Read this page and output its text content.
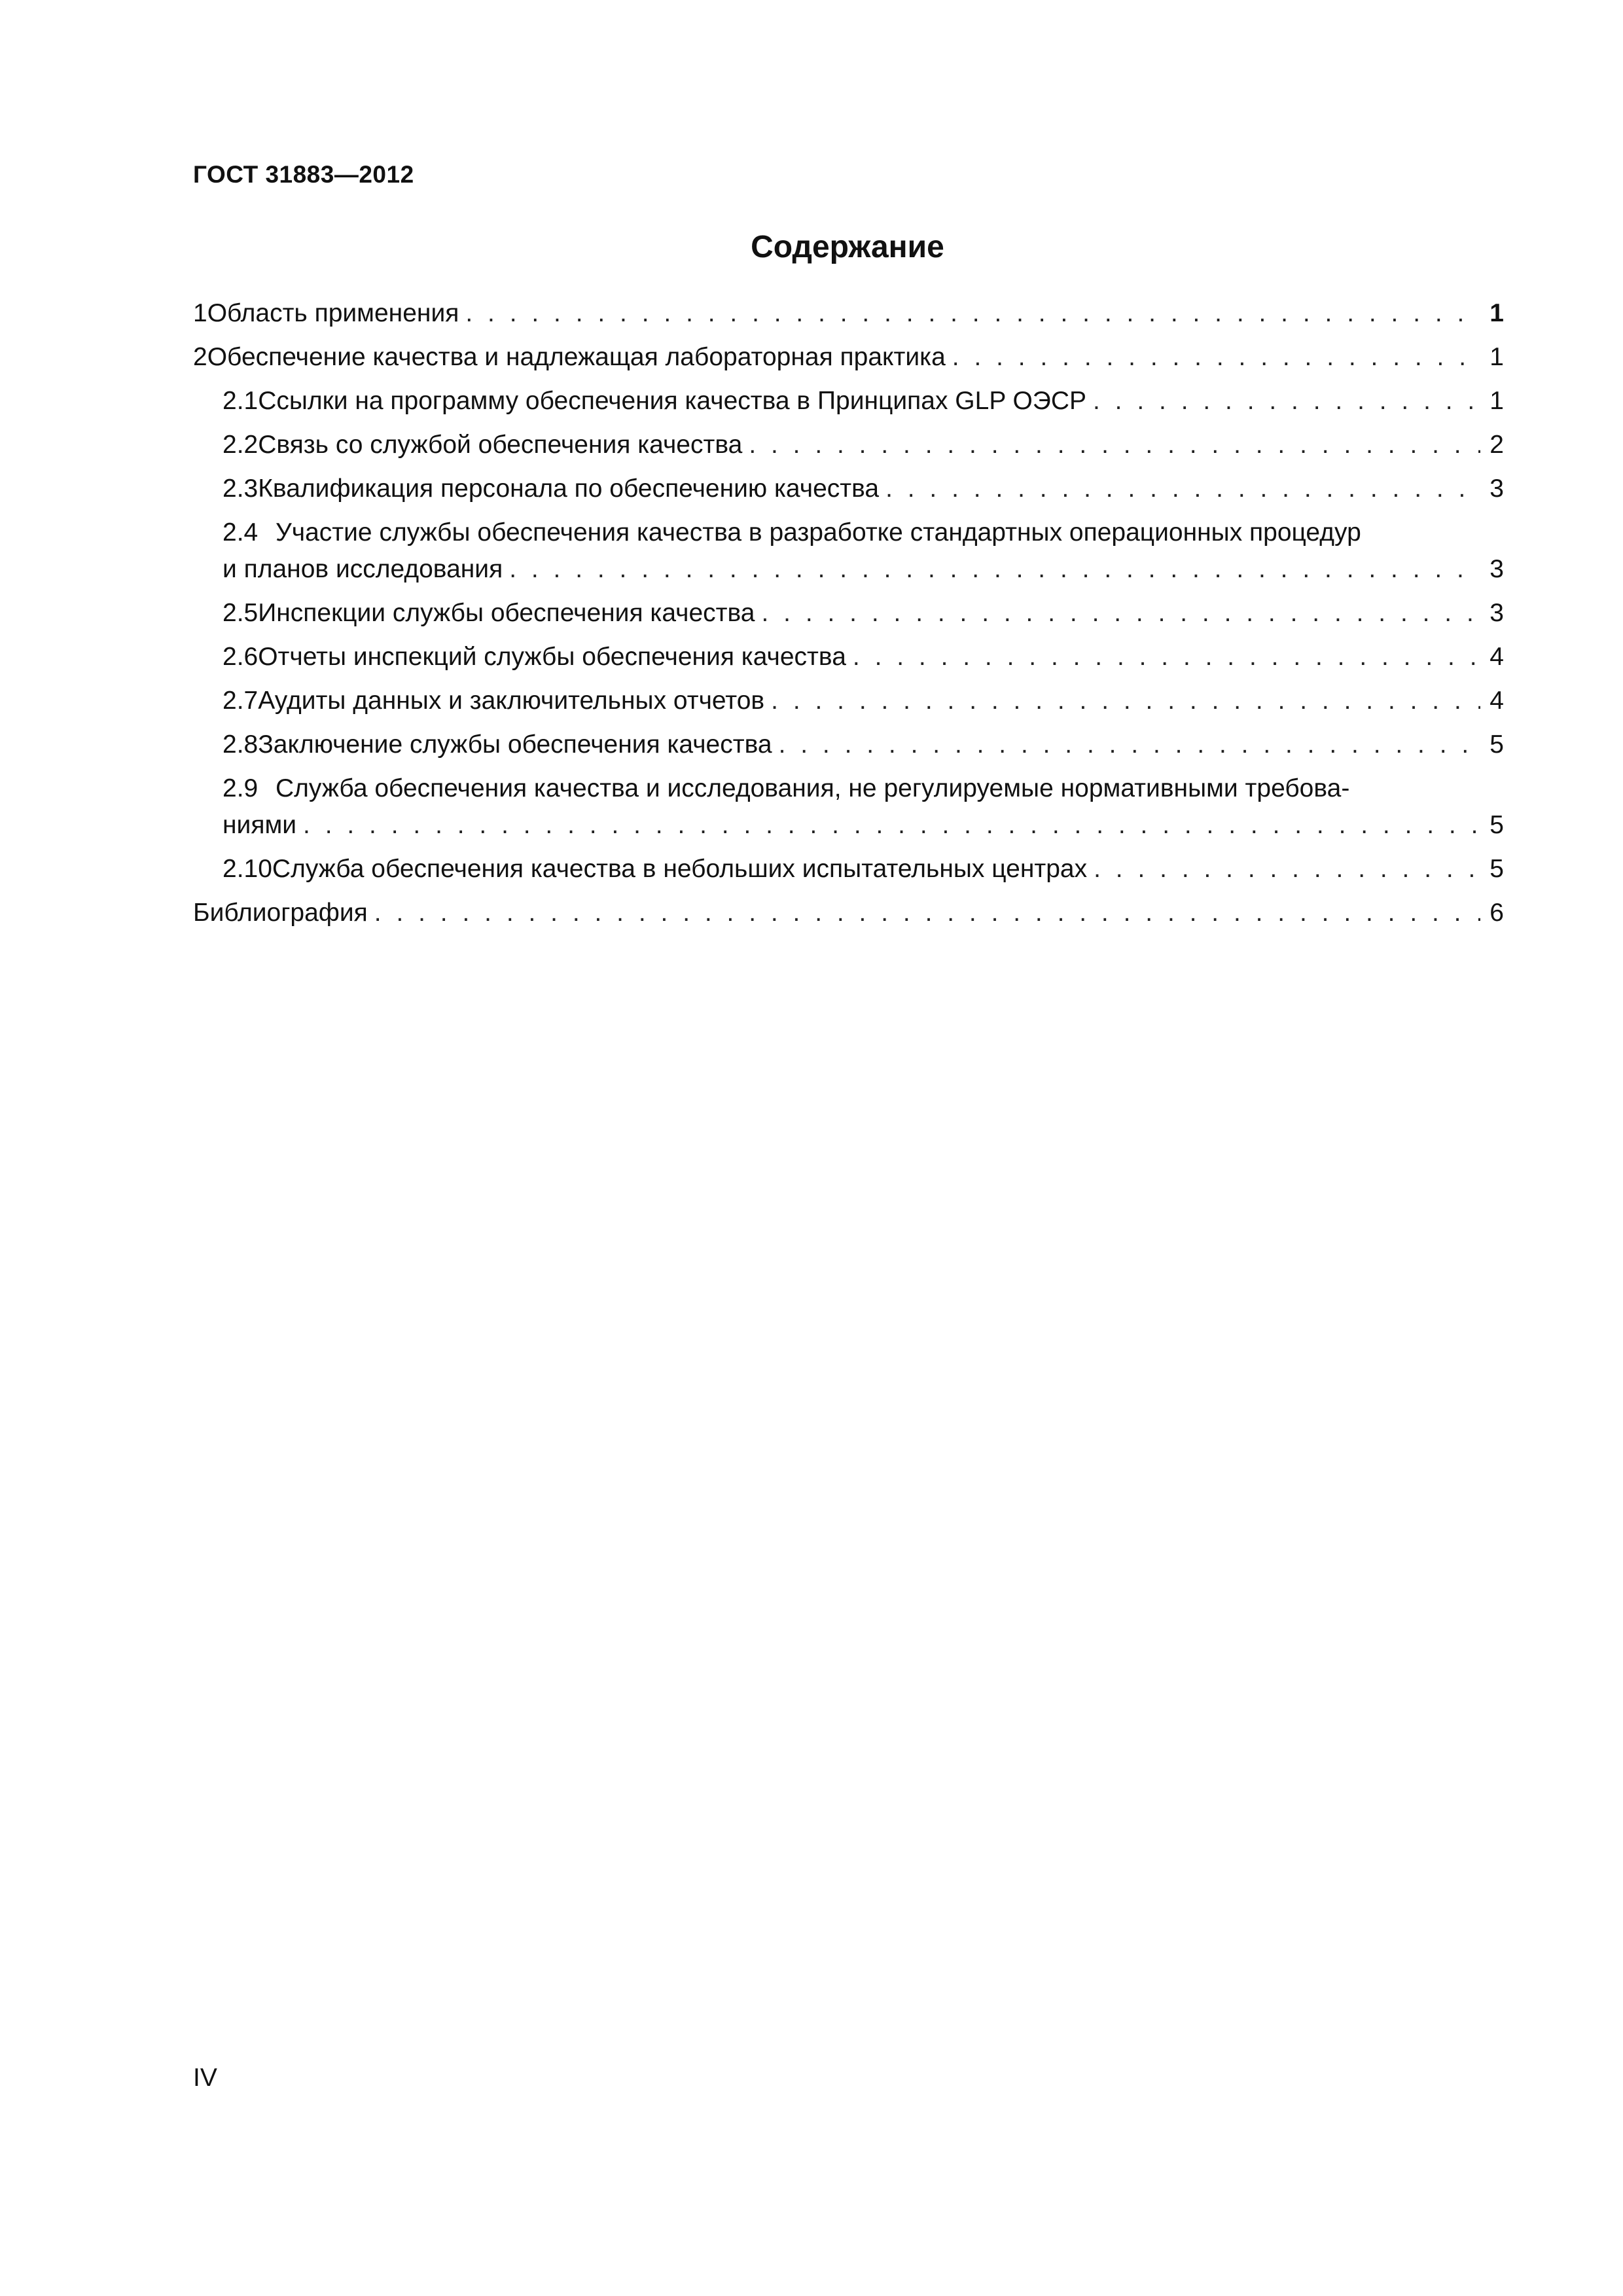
ГОСТ 31883—2012
Содержание
1 Область применения . . .	1
2 Обеспечение качества и надлежащая лабораторная практика . . .	1
2.1 Ссылки на программу обеспечения качества в Принципах GLP ОЭСР . . .	1
2.2 Связь со службой обеспечения качества . . .	2
2.3 Квалификация персонала по обеспечению качества . . .	3
2.4 Участие службы обеспечения качества в разработке стандартных операционных процедур
и планов исследования . . .	3
2.5 Инспекции службы обеспечения качества . . .	3
2.6 Отчеты инспекций службы обеспечения качества . . .	4
2.7 Аудиты данных и заключительных отчетов . . .	4
2.8 Заключение службы обеспечения качества . . .	5
2.9 Служба обеспечения качества и исследования, не регулируемые нормативными требова-
ниями . . .	5
2.10 Служба обеспечения качества в небольших испытательных центрах . . .	5
Библиография . . .	6
IV
